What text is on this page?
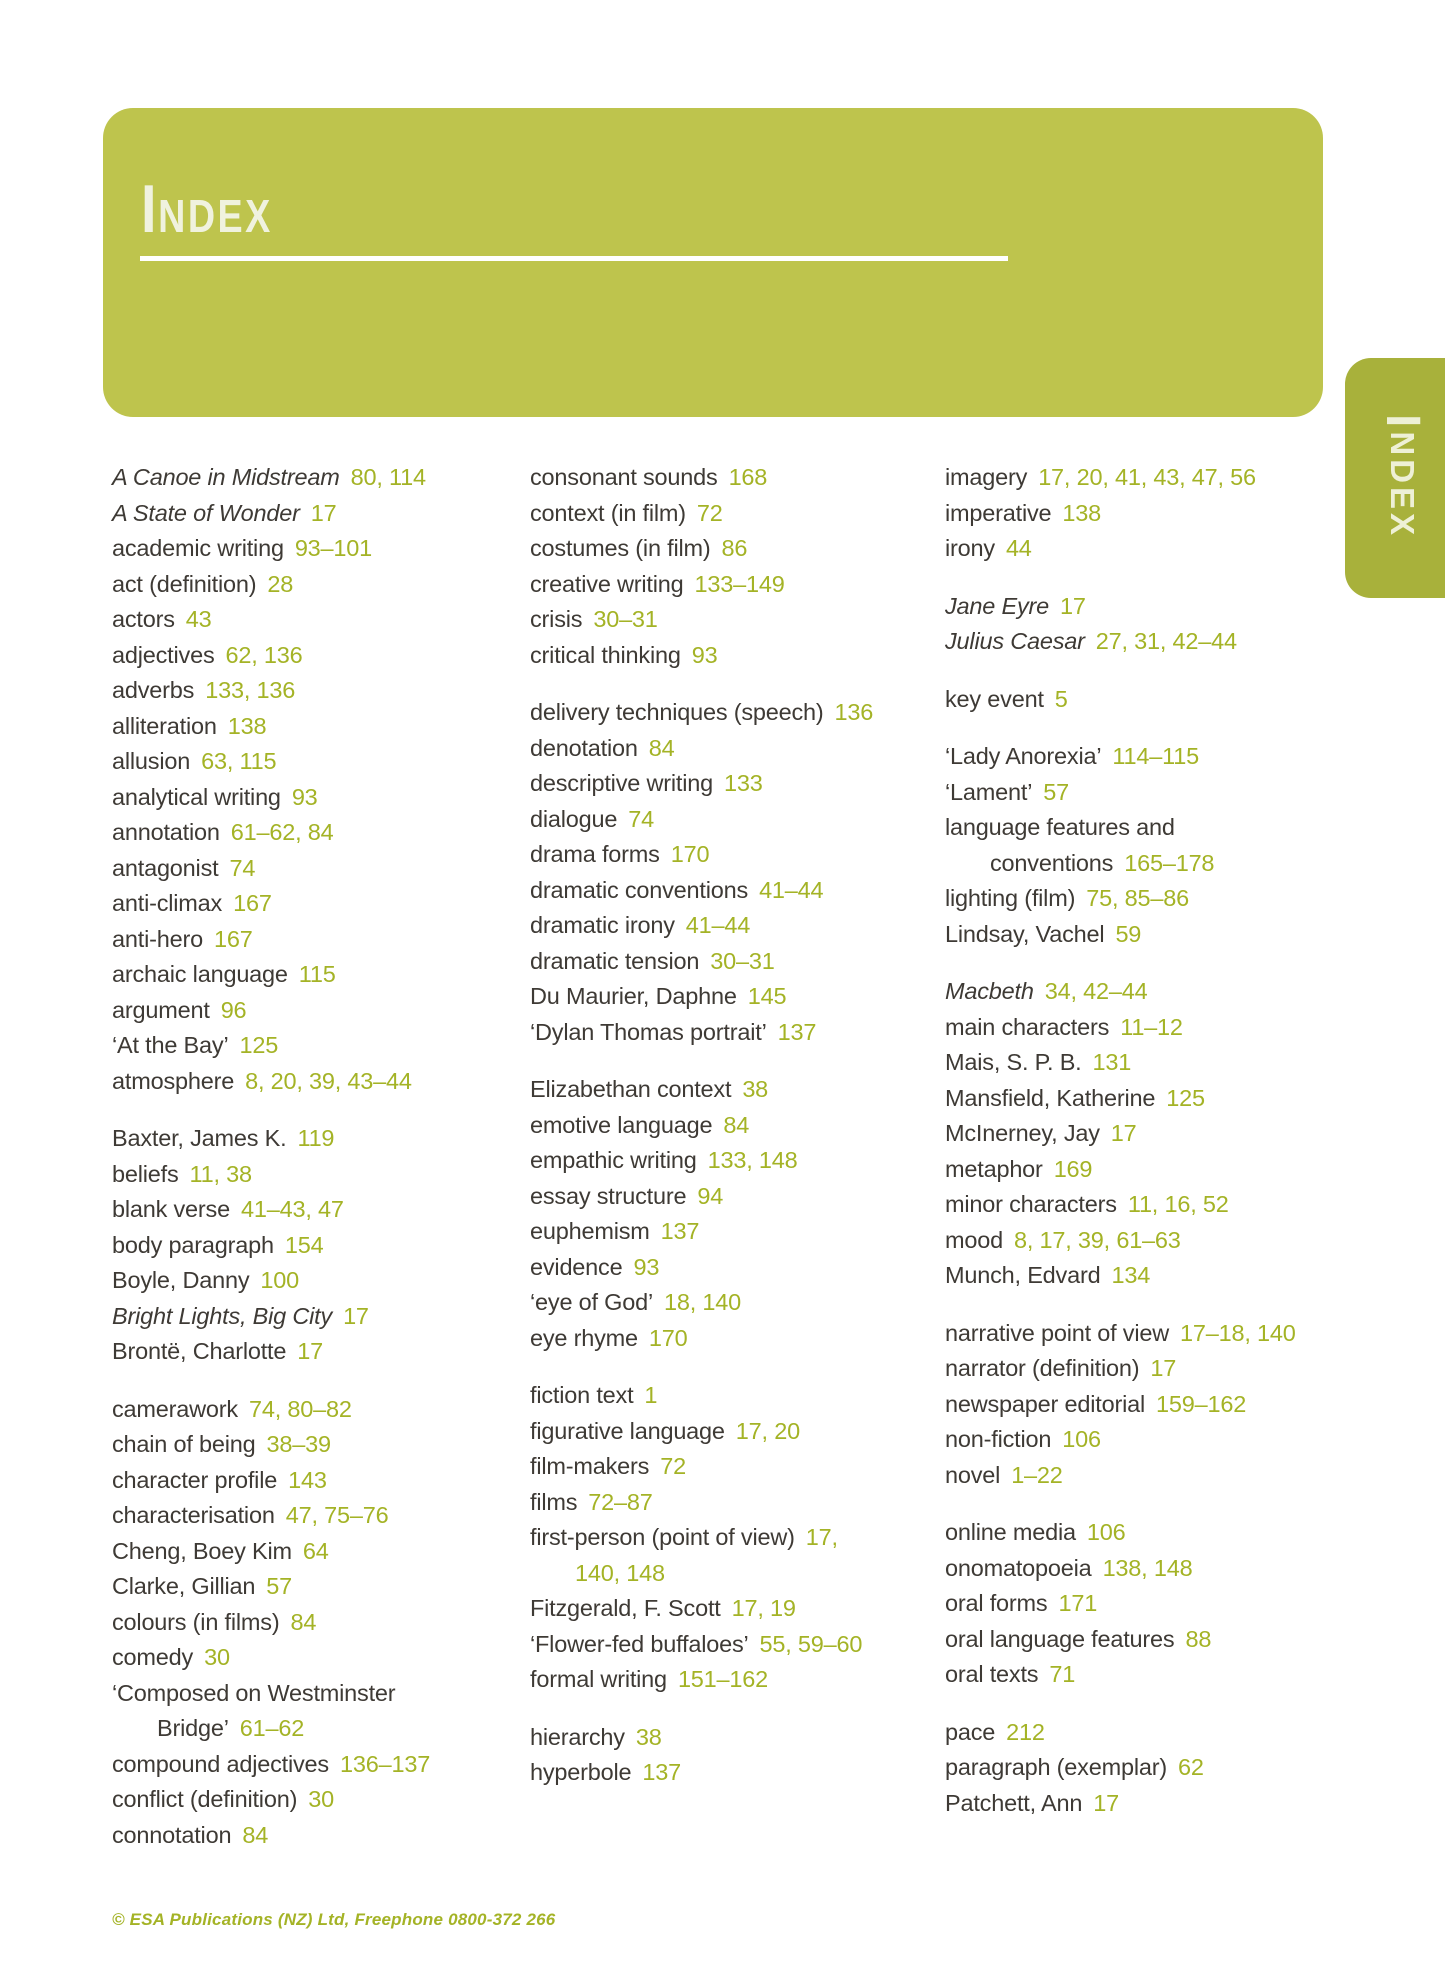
INDEX
INDEX
A Canoe in Midstream 80, 114
A State of Wonder 17
academic writing 93–101
act (definition) 28
actors 43
adjectives 62, 136
adverbs 133, 136
alliteration 138
allusion 63, 115
analytical writing 93
annotation 61–62, 84
antagonist 74
anti-climax 167
anti-hero 167
archaic language 115
argument 96
‘At the Bay’ 125
atmosphere 8, 20, 39, 43–44
Baxter, James K. 119
beliefs 11, 38
blank verse 41–43, 47
body paragraph 154
Boyle, Danny 100
Bright Lights, Big City 17
Brontë, Charlotte 17
camerawork 74, 80–82
chain of being 38–39
character profile 143
characterisation 47, 75–76
Cheng, Boey Kim 64
Clarke, Gillian 57
colours (in films) 84
comedy 30
‘Composed on Westminster
Bridge’ 61–62
compound adjectives 136–137
conflict (definition) 30
connotation 84
consonant sounds 168
context (in film) 72
costumes (in film) 86
creative writing 133–149
crisis 30–31
critical thinking 93
delivery techniques (speech) 136
denotation 84
descriptive writing 133
dialogue 74
drama forms 170
dramatic conventions 41–44
dramatic irony 41–44
dramatic tension 30–31
Du Maurier, Daphne 145
‘Dylan Thomas portrait’ 137
Elizabethan context 38
emotive language 84
empathic writing 133, 148
essay structure 94
euphemism 137
evidence 93
‘eye of God’ 18, 140
eye rhyme 170
fiction text 1
figurative language 17, 20
film-makers 72
films 72–87
first-person (point of view) 17,
140, 148
Fitzgerald, F. Scott 17, 19
‘Flower-fed buffaloes’ 55, 59–60
formal writing 151–162
hierarchy 38
hyperbole 137
imagery 17, 20, 41, 43, 47, 56
imperative 138
irony 44
Jane Eyre 17
Julius Caesar 27, 31, 42–44
key event 5
‘Lady Anorexia’ 114–115
‘Lament’ 57
language features and
conventions 165–178
lighting (film) 75, 85–86
Lindsay, Vachel 59
Macbeth 34, 42–44
main characters 11–12
Mais, S. P. B. 131
Mansfield, Katherine 125
McInerney, Jay 17
metaphor 169
minor characters 11, 16, 52
mood 8, 17, 39, 61–63
Munch, Edvard 134
narrative point of view 17–18, 140
narrator (definition) 17
newspaper editorial 159–162
non-fiction 106
novel 1–22
online media 106
onomatopoeia 138, 148
oral forms 171
oral language features 88
oral texts 71
pace 212
paragraph (exemplar) 62
Patchett, Ann 17
© ESA Publications (NZ) Ltd, Freephone 0800-372 266
